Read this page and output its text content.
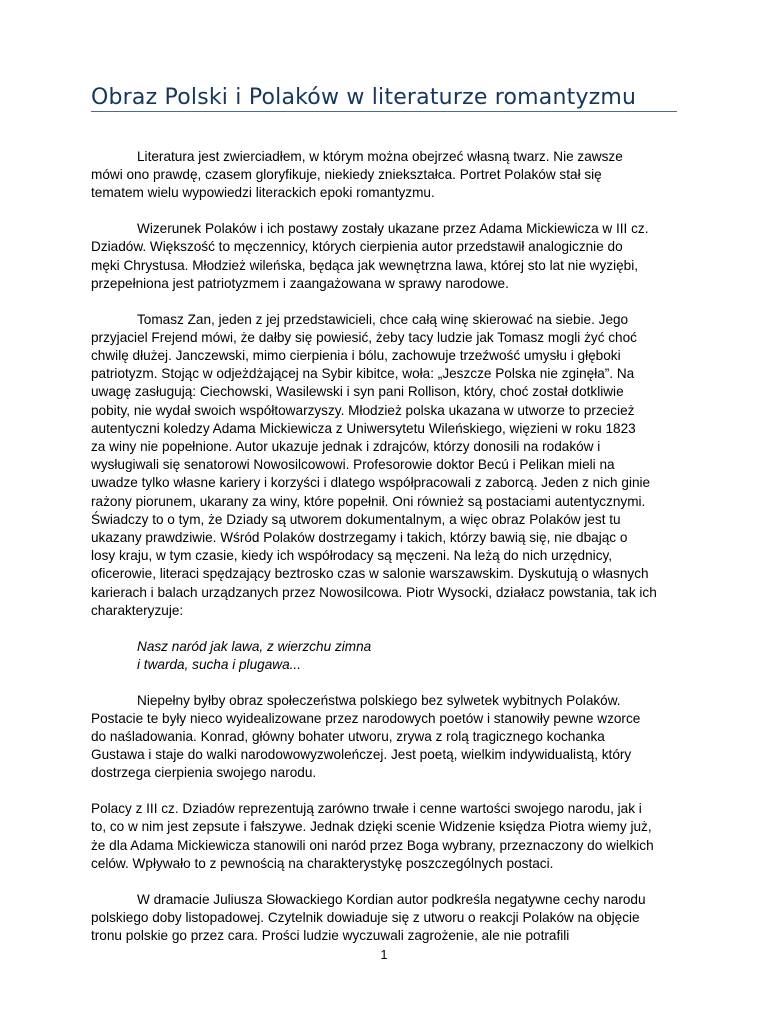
Obraz Polski i Polaków w literaturze romantyzmu

Literatura jest zwierciadłem, w którym można obejrzeć własną twarz. Nie zawsze
mówi ono prawdę, czasem gloryfikuje, niekiedy zniekształca. Portret Polaków stał się
tematem wielu wypowiedzi literackich epoki romantyzmu.

Wizerunek Polaków i ich postawy zostały ukazane przez Adama Mickiewicza w III cz.
Dziadów. Większość to męczennicy, których cierpienia autor przedstawił analogicznie do
męki Chrystusa. Młodzież wileńska, będąca jak wewnętrzna lawa, której sto lat nie wyziębi,
przepełniona jest patriotyzmem i zaangażowana w sprawy narodowe.

Tomasz Zan, jeden z jej przedstawicieli, chce całą winę skierować na siebie. Jego
przyjaciel Frejend mówi, że dałby się powiesić, żeby tacy ludzie jak Tomasz mogli żyć choć
chwilę dłużej. Janczewski, mimo cierpienia i bólu, zachowuje trzeźwość umysłu i głęboki
patriotyzm. Stojąc w odjeżdżającej na Sybir kibitce, woła: „Jeszcze Polska nie zginęła”. Na
uwagę zasługują: Ciechowski, Wasilewski i syn pani Rollison, który, choć został dotkliwie
pobity, nie wydał swoich współtowarzyszy. Młodzież polska ukazana w utworze to przecież
autentyczni koledzy Adama Mickiewicza z Uniwersytetu Wileńskiego, więzieni w roku 1823
za winy nie popełnione. Autor ukazuje jednak i zdrajców, którzy donosili na rodaków i
wysługiwali się senatorowi Nowosilcowowi. Profesorowie doktor Becú i Pelikan mieli na
uwadze tylko własne kariery i korzyści i dlatego współpracowali z zaborcą. Jeden z nich ginie
rażony piorunem, ukarany za winy, które popełnił. Oni również są postaciami autentycznymi.
Świadczy to o tym, że Dziady są utworem dokumentalnym, a więc obraz Polaków jest tu
ukazany prawdziwie. Wśród Polaków dostrzegamy i takich, którzy bawią się, nie dbając o
losy kraju, w tym czasie, kiedy ich współrodacy są męczeni. Na leżą do nich urzędnicy,
oficerowie, literaci spędzający beztrosko czas w salonie warszawskim. Dyskutują o własnych
karierach i balach urządzanych przez Nowosilcowa. Piotr Wysocki, działacz powstania, tak ich
charakteryzuje:

Nasz naród jak lawa, z wierzchu zimna
i twarda, sucha i plugawa...

Niepełny byłby obraz społeczeństwa polskiego bez sylwetek wybitnych Polaków.
Postacie te były nieco wyidealizowane przez narodowych poetów i stanowiły pewne wzorce
do naśladowania. Konrad, główny bohater utworu, zrywa z rolą tragicznego kochanka
Gustawa i staje do walki narodowowyzwoleńczej. Jest poetą, wielkim indywidualistą, który
dostrzega cierpienia swojego narodu.

Polacy z III cz. Dziadów reprezentują zarówno trwałe i cenne wartości swojego narodu, jak i
to, co w nim jest zepsute i fałszywe. Jednak dzięki scenie Widzenie księdza Piotra wiemy już,
że dla Adama Mickiewicza stanowili oni naród przez Boga wybrany, przeznaczony do wielkich
celów. Wpływało to z pewnością na charakterystykę poszczególnych postaci.

W dramacie Juliusza Słowackiego Kordian autor podkreśla negatywne cechy narodu
polskiego doby listopadowej. Czytelnik dowiaduje się z utworu o reakcji Polaków na objęcie
tronu polskie go przez cara. Prości ludzie wyczuwali zagrożenie, ale nie potrafili

1
